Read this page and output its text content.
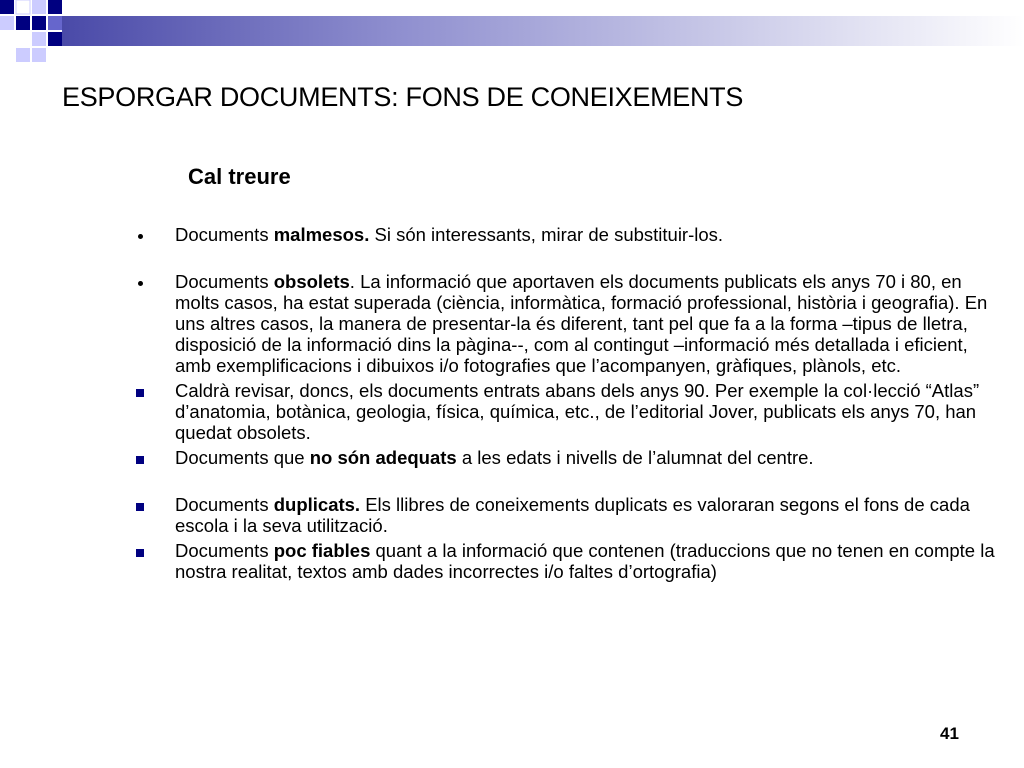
ESPORGAR DOCUMENTS: FONS DE CONEIXEMENTS
Cal treure
Documents malmesos. Si són interessants, mirar de substituir-los.
Documents obsolets. La informació que aportaven els documents publicats els anys 70 i 80, en molts casos, ha estat superada (ciència, informàtica, formació professional, història i geografia). En uns altres casos, la manera de presentar-la és diferent, tant pel que fa a la forma –tipus de lletra, disposició de la informació dins la pàgina--, com al contingut –informació més detallada i eficient, amb exemplificacions i dibuixos i/o fotografies que l’acompanyen, gràfiques, plànols, etc.
Caldrà revisar, doncs, els documents entrats abans dels anys 90. Per exemple la col·lecció “Atlas” d’anatomia, botànica, geologia, física, química, etc., de l’editorial Jover, publicats els anys 70, han quedat obsolets.
Documents que no són adequats a les edats i nivells de l’alumnat del centre.
Documents duplicats. Els llibres de coneixements duplicats es valoraran segons el fons de cada escola i la seva utilització.
Documents poc fiables quant a la informació que contenen (traduccions que no tenen en compte la nostra realitat, textos amb dades incorrectes i/o faltes d’ortografia)
41
